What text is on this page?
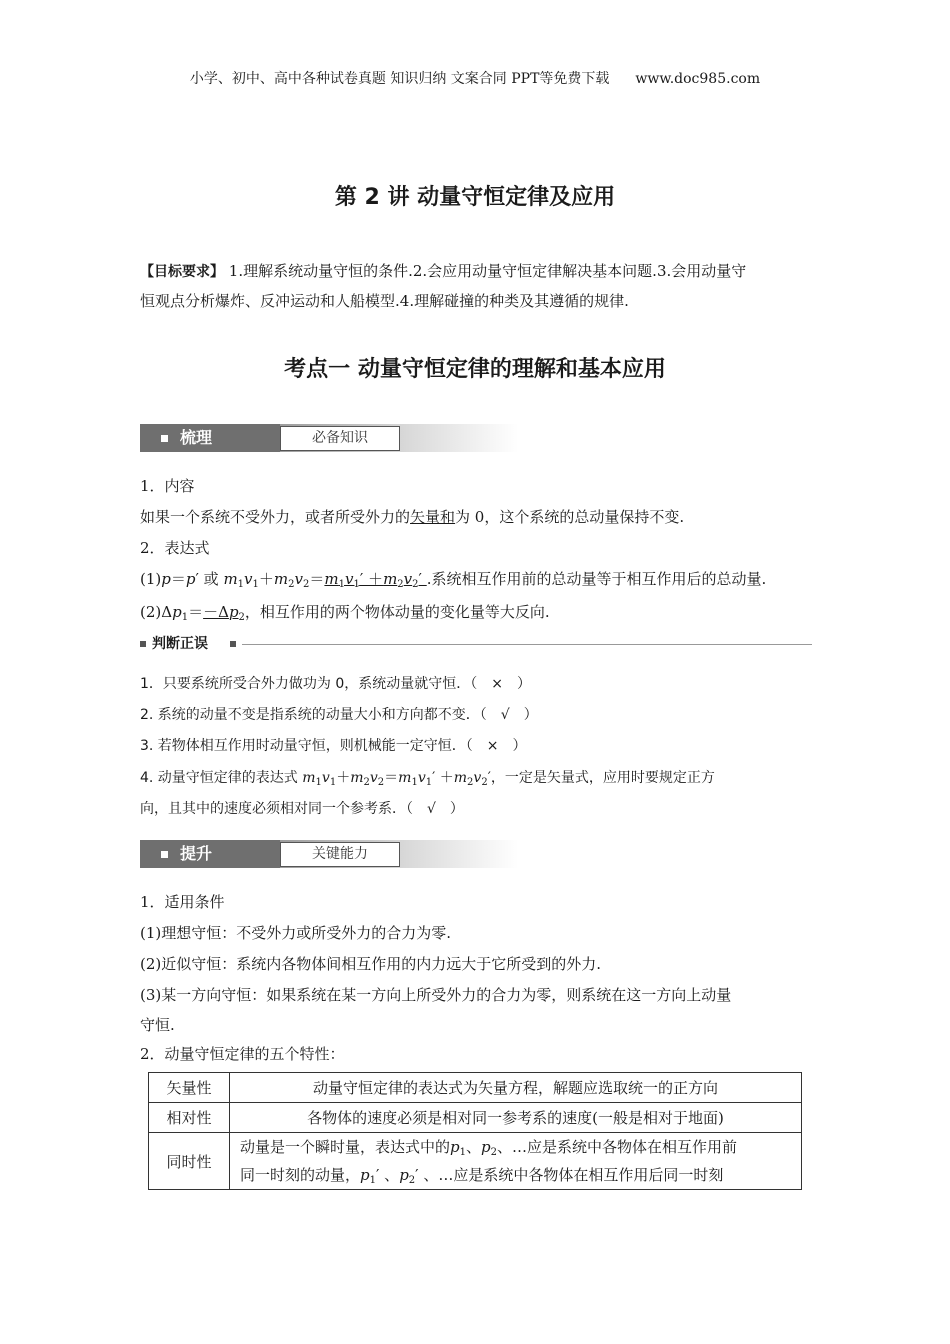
小学、初中、高中各种试卷真题 知识归纳 文案合同 PPT等免费下载 www.doc985.com
第 2 讲 动量守恒定律及应用
【目标要求】 1.理解系统动量守恒的条件.2.会应用动量守恒定律解决基本问题.3.会用动量守
恒观点分析爆炸、反冲运动和人船模型.4.理解碰撞的种类及其遵循的规律.
考点一 动量守恒定律的理解和基本应用
梳理	必备知识
1．内容
如果一个系统不受外力，或者所受外力的矢量和为 0，这个系统的总动量保持不变.
2．表达式
(1)p＝p′ 或 $m_1v_1+m_2v_2=m_1v_1' +m_2v_2'$ .系统相互作用前的总动量等于相互作用后的总动量.
$(2)\Delta p_1=-\Delta p_2$，相互作用的两个物体动量的变化量等大反向.
判断正误
1．只要系统所受合外力做功为 0，系统动量就守恒．（　×　）
2. 系统的动量不变是指系统的动量大小和方向都不变．（　√　）
3. 若物体相互作用时动量守恒，则机械能一定守恒．（　×　）
4. 动量守恒定律的表达式 $m_1v_1+m_2v_2=m_1v_1' +m_2v_2'$，一定是矢量式，应用时要规定正方
向，且其中的速度必须相对同一个参考系．（　√　）
提升	关键能力
1．适用条件
(1)理想守恒：不受外力或所受外力的合力为零.
(2)近似守恒：系统内各物体间相互作用的内力远大于它所受到的外力.
(3)某一方向守恒：如果系统在某一方向上所受外力的合力为零，则系统在这一方向上动量
守恒.
2．动量守恒定律的五个特性：
矢量性	动量守恒定律的表达式为矢量方程，解题应选取统一的正方向
相对性	各物体的速度必须是相对同一参考系的速度(一般是相对于地面)
同时性	动量是一个瞬时量，表达式中的$p_1$、$p_2$、…应是系统中各物体在相互作用前
同一时刻的动量，$p_1'$ 、$p_2'$ 、…应是系统中各物体在相互作用后同一时刻
